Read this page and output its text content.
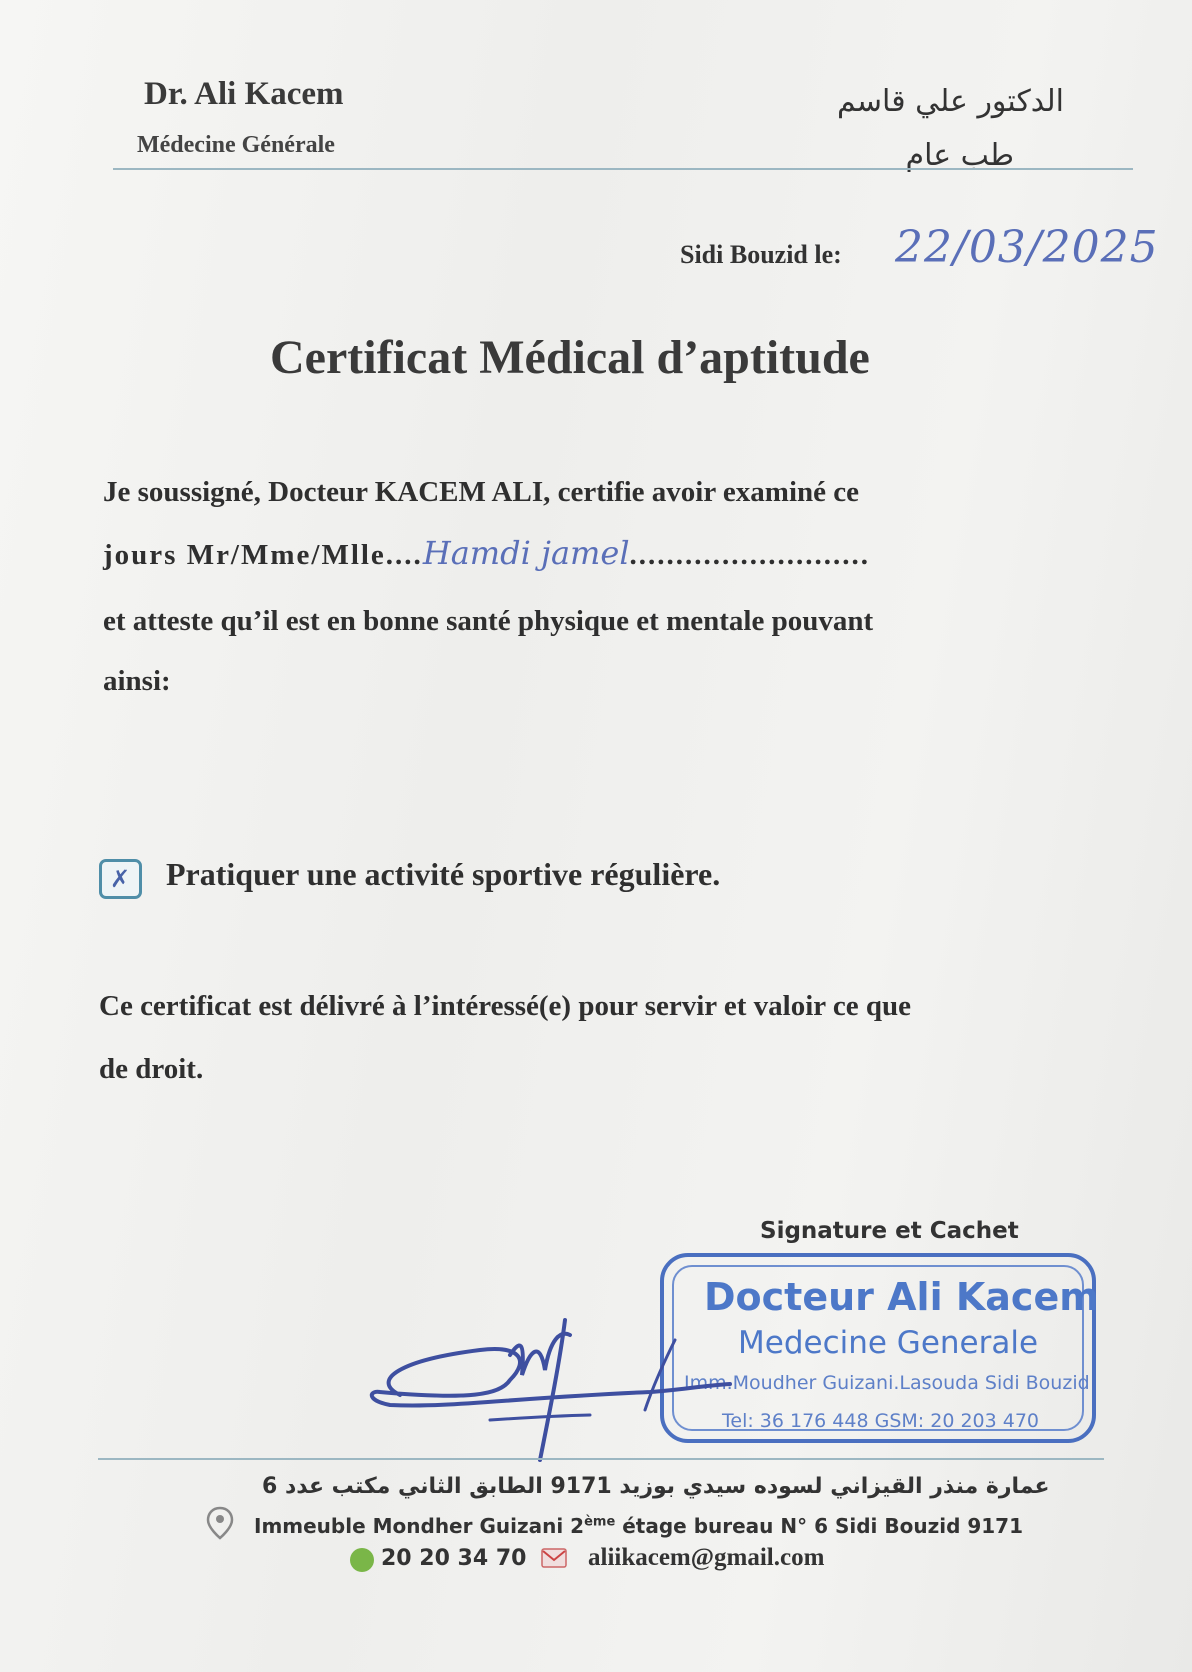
Dr. Ali Kacem
Médecine Générale
الدكتور علي قاسم
طب عام
Sidi Bouzid le: 22/03/2025
Certificat Médical d’aptitude
Je soussigné, Docteur KACEM ALI, certifie avoir examiné ce
jours Mr/Mme/Mlle....Hamdi jamel..........................
et atteste qu’il est en bonne santé physique et mentale pouvant
ainsi:
✗ Pratiquer une activité sportive régulière.
Ce certificat est délivré à l’intéressé(e) pour servir et valoir ce que
de droit.
Signature et Cachet
Docteur Ali Kacem
Medecine Generale
Imm.Moudher Guizani.Lasouda Sidi Bouzid
Tel: 36 176 448 GSM: 20 203 470
عمارة منذر القيزاني لسوده سيدي بوزيد 9171 الطابق الثاني مكتب عدد 6
Immeuble Mondher Guizani 2ème étage bureau N° 6 Sidi Bouzid 9171
20 20 34 70 aliikacem@gmail.com
